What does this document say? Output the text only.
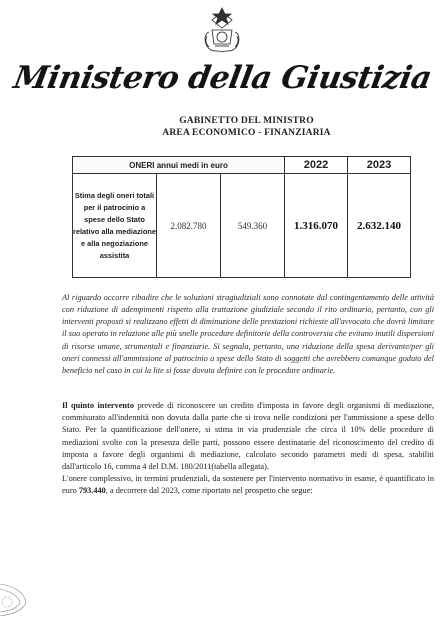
Ministero della Giustizia
GABINETTO DEL MINISTRO
AREA ECONOMICO - FINANZIARIA
ONERI annui medi in euro			2022	2023
Stima degli oneri totali per il patrocinio a spese dello Stato relativo alla mediazione e alla negoziazione assistita	2.082.780	549.360	1.316.070	2.632.140
Al riguardo occorre ribadire che le soluzioni stragiudiziali sono connotate dal contingentamento delle attività con riduzione di adempimenti rispetto alla trattazione giudiziale secondo il rito ordinario, pertanto, con gli interventi proposti si realizzano effetti di diminuzione delle prestazioni richieste all'avvocato che dovrà limitare il suo operato in relazione alle più snelle procedure definitorie della controversia che evitano inutili dispersioni di risorse umane, strumentali e finanziarie. Si segnala, pertanto, una riduzione della spesa derivante/per gli oneri connessi all'ammissione al patrocinio a spese dello Stato di soggetti che avrebbero comunque goduto del beneficio nel caso in cui la lite si fosse dovuta definire con le procedure ordinarie.

Il quinto intervento prevede di riconoscere un credito d'imposta in favore degli organismi di mediazione, commisurato all'indennità non dovuta dalla parte che si trova nelle condizioni per l'ammissione a spese dello Stato. Per la quantificazione dell'onere, si stima in via prudenziale che circa il 10% delle procedure di mediazioni svolte con la presenza delle parti, possono essere destinatarie del riconoscimento del credito di imposta a favore degli organismi di mediazione, calcolato secondo parametri medi di spesa, stabiliti dall'articolo 16, comma 4 del D.M. 180/2011(tabella allegata).

L'onere complessivo, in termini prudenziali, da sostenere per l'intervento normativo in esame, è quantificato in euro 793.440, a decorrere dal 2023, come riportato nel prospetto che segue:
